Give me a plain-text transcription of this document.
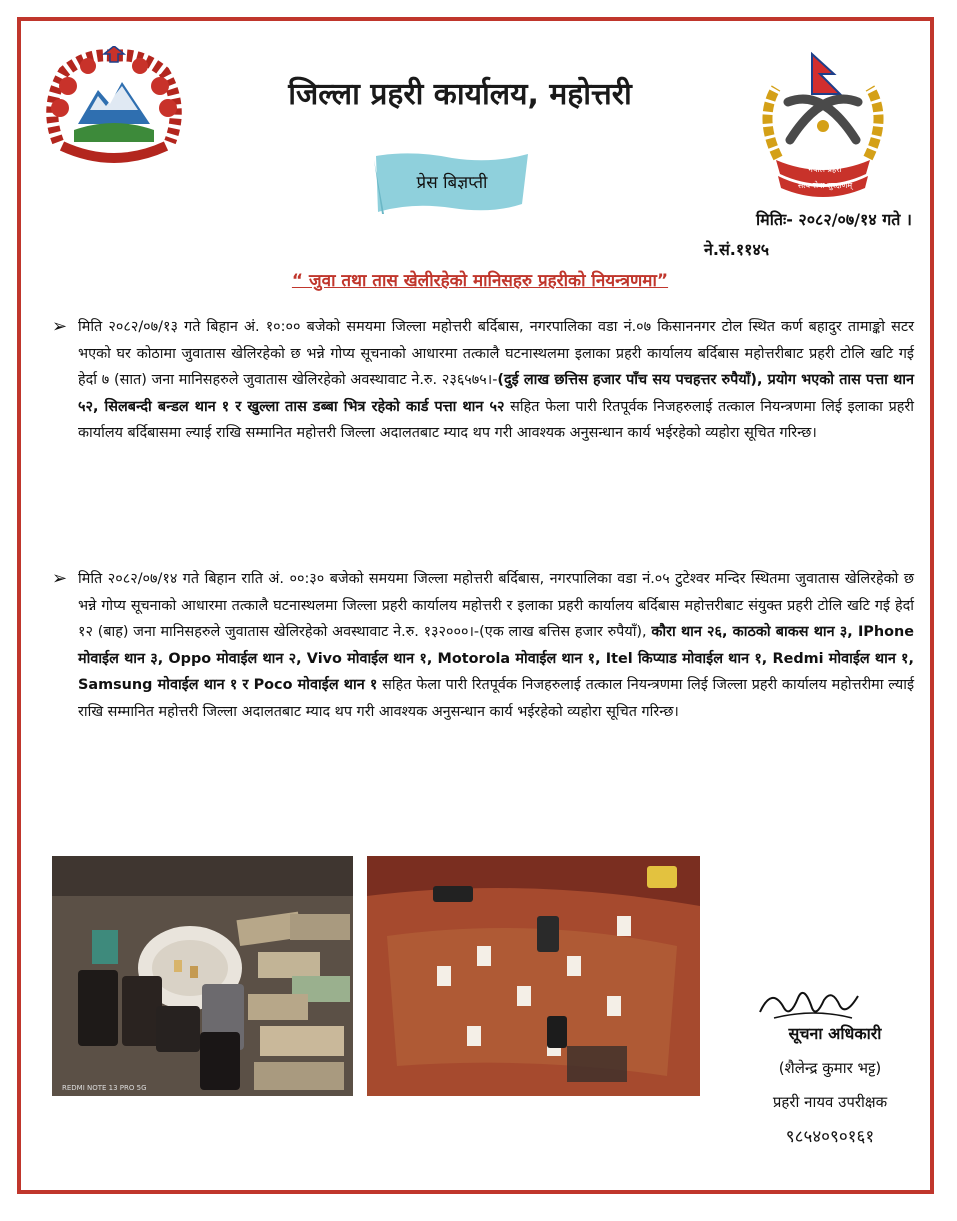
नेपाल प्रहरी
सत्य सेवा सुरक्षणम्
जिल्ला प्रहरी कार्यालय, महोत्तरी
प्रेस बिज्ञप्ती
मितिः- २०८२/०७/१४ गते ।
ने.सं.११४५
“ जुवा तथा तास खेलीरहेको मानिसहरु प्रहरीको नियन्त्रणमा”
➢ मिति २०८२/०७/१३ गते बिहान अं. १०:०० बजेको समयमा जिल्ला महोत्तरी बर्दिबास, नगरपालिका वडा नं.०७ किसाननगर टोल स्थित कर्ण बहादुर तामाङ्को सटर भएको घर कोठामा जुवातास खेलिरहेको छ भन्ने गोप्य सूचनाको आधारमा तत्कालै घटनास्थलमा इलाका प्रहरी कार्यालय बर्दिबास महोत्तरीबाट प्रहरी टोलि खटि गई हेर्दा ७ (सात) जना मानिसहरुले जुवातास खेलिरहेको अवस्थावाट ने.रु. २३६५७५।-(दुई लाख छत्तिस हजार पाँच सय पचहत्तर रुपैयाँ), प्रयोग भएको तास पत्ता थान ५२, सिलबन्दी बन्डल थान १ र खुल्ला तास डब्बा भित्र रहेको कार्ड पत्ता थान ५२ सहित फेला पारी रितपूर्वक निजहरुलाई तत्काल नियन्त्रणमा लिई इलाका प्रहरी कार्यालय बर्दिबासमा ल्याई राखि सम्मानित महोत्तरी जिल्ला अदालतबाट म्याद थप गरी आवश्यक अनुसन्धान कार्य भईरहेको व्यहोरा सूचित गरिन्छ।
➢ मिति २०८२/०७/१४ गते बिहान राति अं. ००:३० बजेको समयमा जिल्ला महोत्तरी बर्दिबास, नगरपालिका वडा नं.०५ टुटेश्वर मन्दिर स्थितमा जुवातास खेलिरहेको छ भन्ने गोप्य सूचनाको आधारमा तत्कालै घटनास्थलमा जिल्ला प्रहरी कार्यालय महोत्तरी र इलाका प्रहरी कार्यालय बर्दिबास महोत्तरीबाट संयुक्त प्रहरी टोलि खटि गई हेर्दा १२ (बाह) जना मानिसहरुले जुवातास खेलिरहेको अवस्थावाट ने.रु. १३२०००।-(एक लाख बत्तिस हजार रुपैयाँ), कौरा थान २६, काठको बाकस थान ३, IPhone मोवाईल थान ३, Oppo मोवाईल थान २, Vivo मोवाईल थान १, Motorola मोवाईल थान १, Itel किप्याड मोवाईल थान १, Redmi मोवाईल थान १, Samsung मोवाईल थान १ र Poco मोवाईल थान १ सहित फेला पारी रितपूर्वक निजहरुलाई तत्काल नियन्त्रणमा लिई जिल्ला प्रहरी कार्यालय महोत्तरीमा ल्याई राखि सम्मानित महोत्तरी जिल्ला अदालतबाट म्याद थप गरी आवश्यक अनुसन्धान कार्य भईरहेको व्यहोरा सूचित गरिन्छ।
REDMI NOTE 13 PRO 5G
सूचना अधिकारी
(शैलेन्द्र कुमार भट्ट)
प्रहरी नायव उपरीक्षक
९८५४०९०१६१
